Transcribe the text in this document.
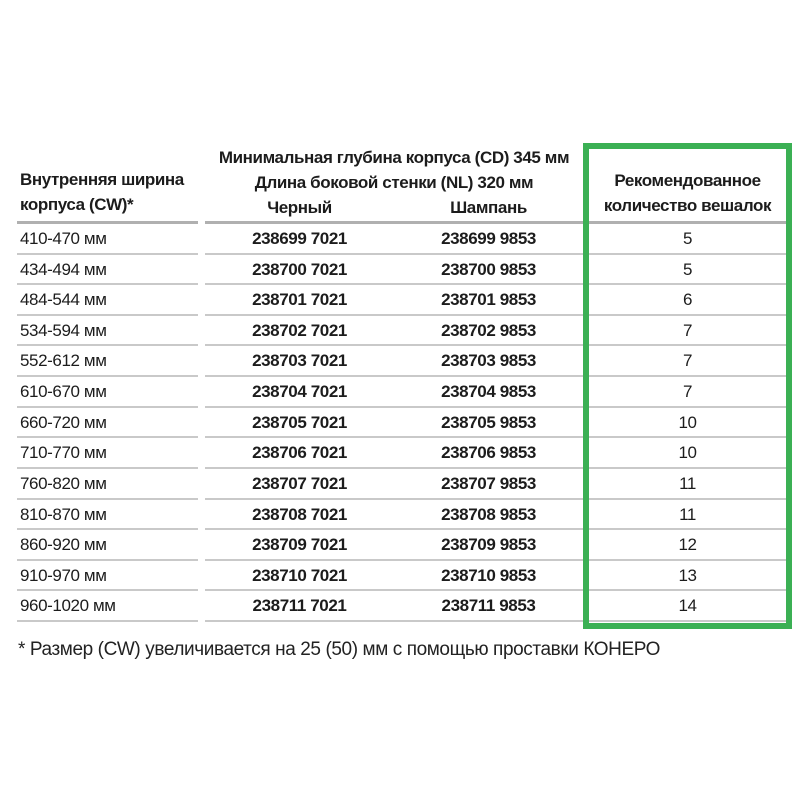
Внутренняя ширина
корпуса (CW)*
Минимальная глубина корпуса (CD) 345 мм
Длина боковой стенки (NL) 320 мм
Черный	Шампань
Рекомендованное
количество вешалок
410-470 мм	238699 7021	238699 9853	5
434-494 мм	238700 7021	238700 9853	5
484-544 мм	238701 7021	238701 9853	6
534-594 мм	238702 7021	238702 9853	7
552-612 мм	238703 7021	238703 9853	7
610-670 мм	238704 7021	238704 9853	7
660-720 мм	238705 7021	238705 9853	10
710-770 мм	238706 7021	238706 9853	10
760-820 мм	238707 7021	238707 9853	11
810-870 мм	238708 7021	238708 9853	11
860-920 мм	238709 7021	238709 9853	12
910-970 мм	238710 7021	238710 9853	13
960-1020 мм	238711 7021	238711 9853	14
* Размер (CW) увеличивается на 25 (50) мм с помощью проставки КОНЕРО
